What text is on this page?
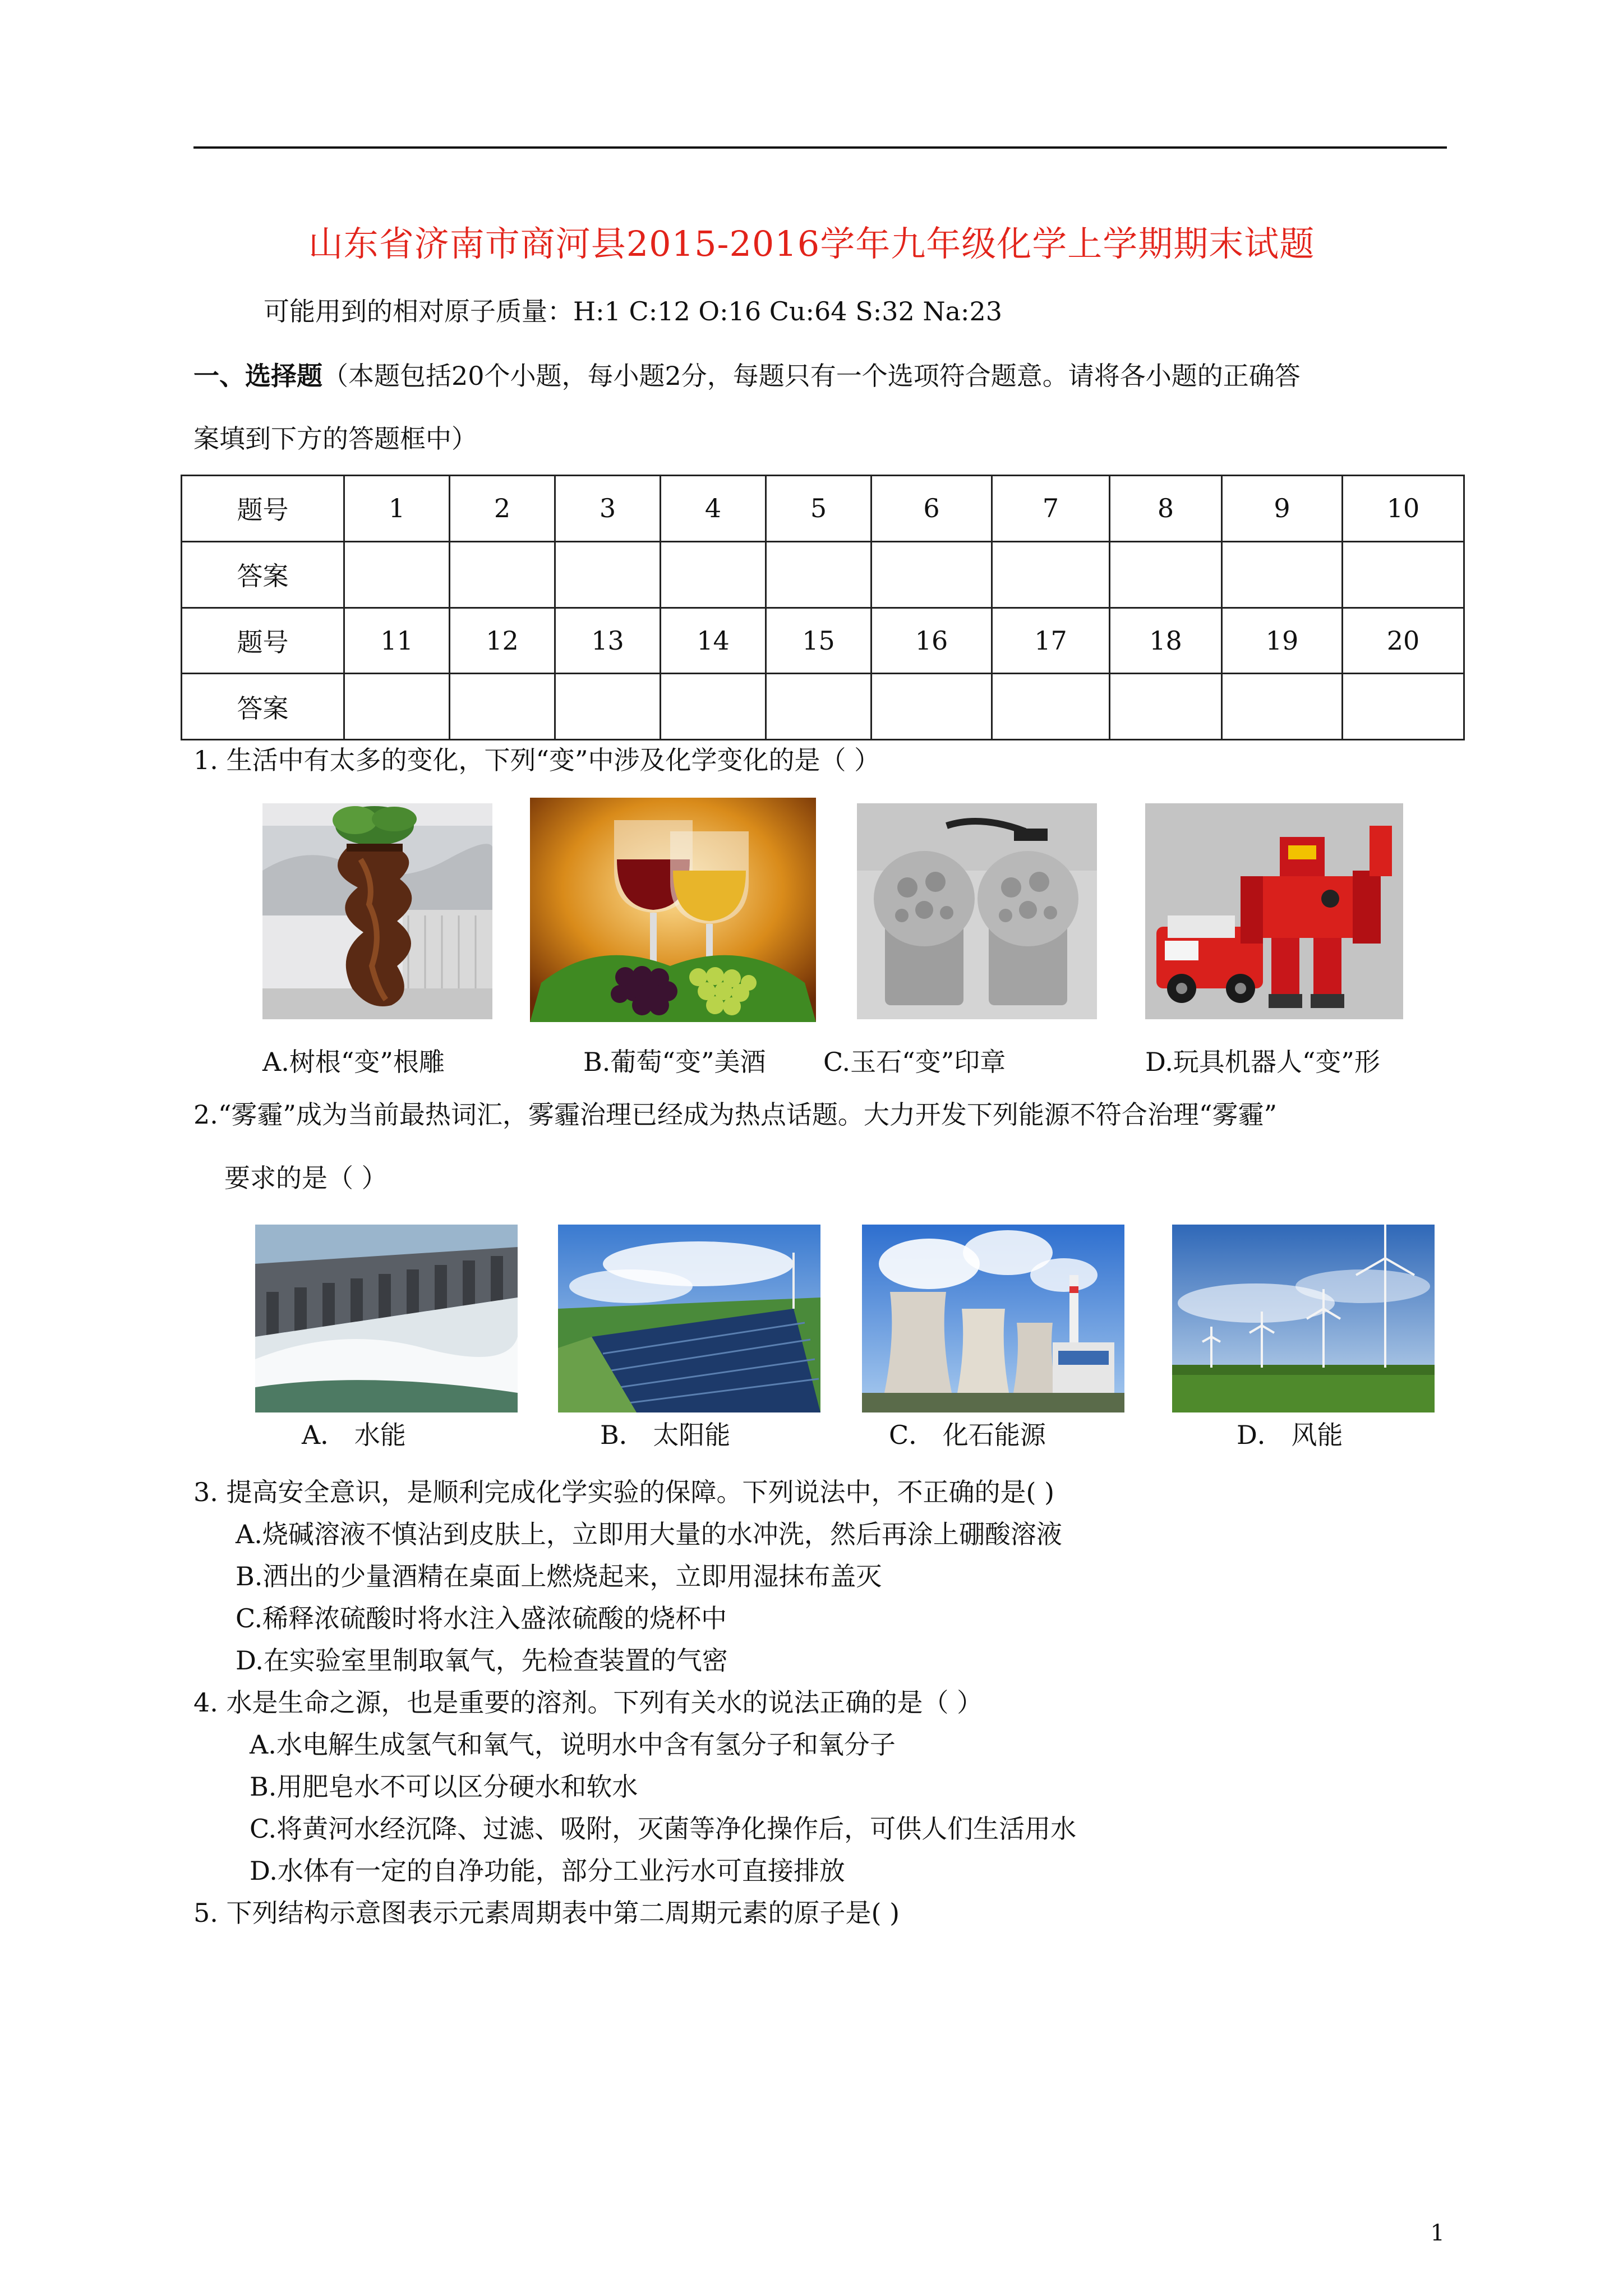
山东省济南市商河县2015-2016学年九年级化学上学期期末试题
可能用到的相对原子质量：H:1 C:12 O:16 Cu:64 S:32 Na:23
一、选择题（本题包括20个小题，每小题2分，每题只有一个选项符合题意。请将各小题的正确答
案填到下方的答题框中）
题号	1	2	3	4	5	6	7	8	9	10
答案										
题号	11	12	13	14	15	16	17	18	19	20
答案										
1. 生活中有太多的变化，下列“变”中涉及化学变化的是（ ）
A.树根“变”根雕	B.葡萄“变”美酒 C.玉石“变”印章	D.玩具机器人“变”形
2.“雾霾”成为当前最热词汇，雾霾治理已经成为热点话题。大力开发下列能源不符合治理“雾霾”
要求的是（ ）
A． 水能	B． 太阳能	C． 化石能源	D． 风能
3. 提高安全意识，是顺利完成化学实验的保障。下列说法中，不正确的是( )
A.烧碱溶液不慎沾到皮肤上，立即用大量的水冲洗，然后再涂上硼酸溶液
B.洒出的少量酒精在桌面上燃烧起来，立即用湿抹布盖灭
C.稀释浓硫酸时将水注入盛浓硫酸的烧杯中
D.在实验室里制取氧气，先检查装置的气密
4. 水是生命之源，也是重要的溶剂。下列有关水的说法正确的是（ ）
A.水电解生成氢气和氧气，说明水中含有氢分子和氧分子
B.用肥皂水不可以区分硬水和软水
C.将黄河水经沉降、过滤、吸附，灭菌等净化操作后，可供人们生活用水
D.水体有一定的自净功能，部分工业污水可直接排放
5. 下列结构示意图表示元素周期表中第二周期元素的原子是( )
1
